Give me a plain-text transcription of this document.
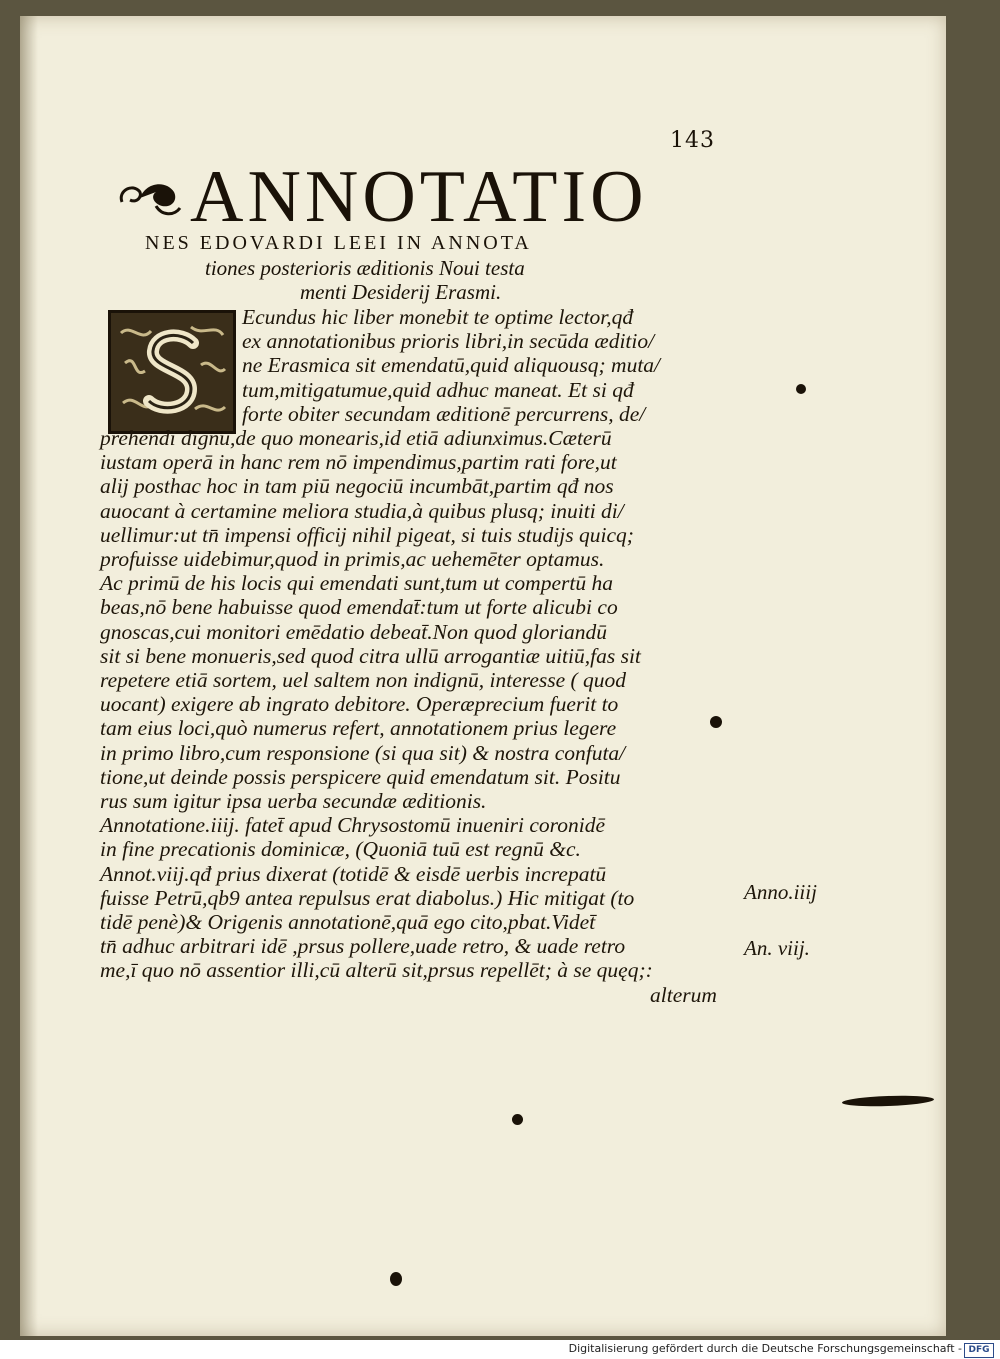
143
ANNOTATIO
NES EDOVARDI LEEI IN ANNOTA
tiones posterioris æditionis Noui testa
menti Desiderij Erasmi.
Ecundus hic liber monebit te optime lector,qđ
ex annotationibus prioris libri,in secūda æditio/
ne Erasmica sit emendatū,quid aliquousq; muta/
tum,mitigatumue,quid adhuc maneat. Et si qđ
forte obiter secundam æditionē percurrens, de/
prehendi dignū,de quo monearis,id etiā adiunximus.Cæterū
iustam operā in hanc rem nō impendimus,partim rati fore,ut
alij posthac hoc in tam piū negociū incumbāt,partim qđ nos
auocant à certamine meliora studia,à quibus plusq; inuiti di/
uellimur:ut tn̄ impensi officij nihil pigeat, si tuis studijs quicq;
profuisse uidebimur,quod in primis,ac uehemēter optamus.
Ac primū de his locis qui emendati sunt,tum ut compertū ha
beas,nō bene habuisse quod emendat̄:tum ut forte alicubi co
gnoscas,cui monitori emēdatio debeat̄.Non quod gloriandū
sit si bene monueris,sed quod citra ullū arrogantiæ uitiū,fas sit
repetere etiā sortem, uel saltem non indignū, interesse ( quod
uocant) exigere ab ingrato debitore. Operæprecium fuerit to
tam eius loci,quò numerus refert, annotationem prius legere
in primo libro,cum responsione (si qua sit) & nostra confuta/
tione,ut deinde possis perspicere quid emendatum sit. Positu
rus sum igitur ipsa uerba secundæ æditionis.
Annotatione.iiij. fatet̄ apud Chrysostomū inueniri coronidē
in fine precationis dominicæ, (Quoniā tuū est regnū &c.
Annot.viij.qđ prius dixerat (totidē & eisdē uerbis increpatū
fuisse Petrū,qb9 antea repulsus erat diabolus.) Hic mitigat (to
tidē penè)& Origenis annotationē,quā ego cito,pbat.Videt̄
tn̄ adhuc arbitrari idē ,prsus pollere,uade retro, & uade retro
me,ī quo nō assentior illi,cū alterū sit,prsus repellēt; à se quęq;:
alterum
Anno.iiij
An. viij.
Digitalisierung gefördert durch die Deutsche Forschungsgemeinschaft - DFG
